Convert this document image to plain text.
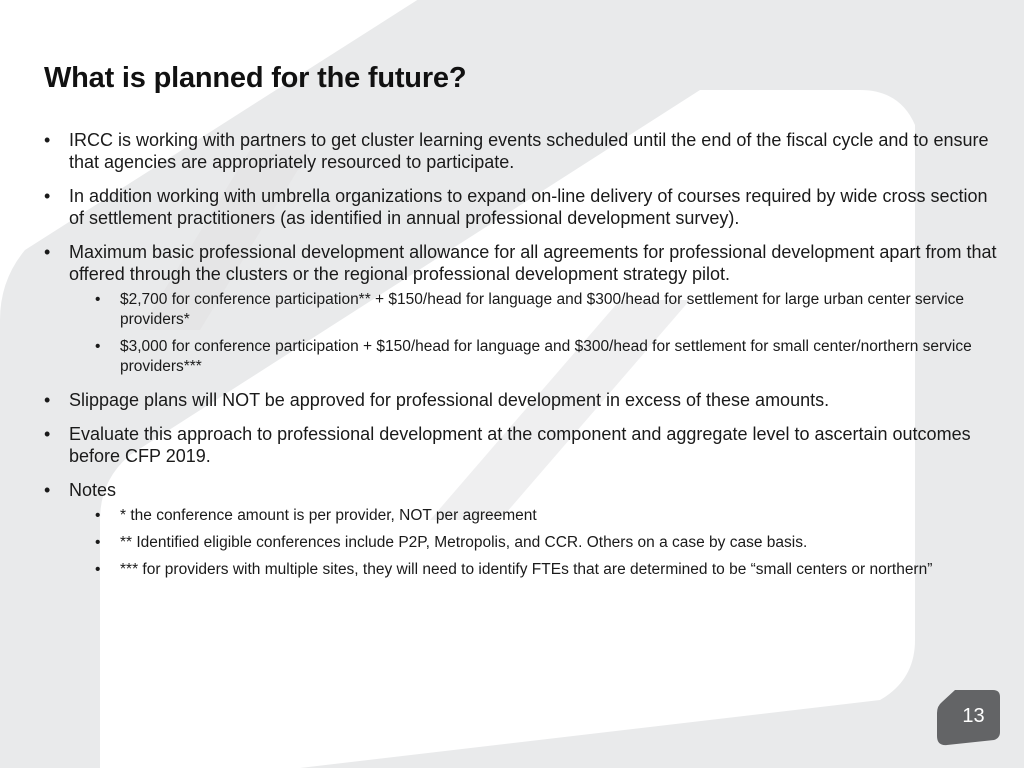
What is planned for the future?
• IRCC is working with partners to get cluster learning events scheduled until the end of the fiscal cycle and to ensure that agencies are appropriately resourced to participate.
• In addition working with umbrella organizations to expand on-line delivery of courses required by wide cross section of settlement practitioners (as identified in annual professional development survey).
• Maximum basic professional development allowance for all agreements for professional development apart from that offered through the clusters or the regional professional development strategy pilot.
• $2,700 for conference participation** + $150/head for language and $300/head for settlement for large urban center service providers*
• $3,000 for conference participation + $150/head for language and $300/head for settlement for small center/northern service providers***
• Slippage plans will NOT be approved for professional development in excess of these amounts.
• Evaluate this approach to professional development at the component and aggregate level to ascertain outcomes before CFP 2019.
• Notes
• * the conference amount is per provider, NOT per agreement
• ** Identified eligible conferences include P2P, Metropolis, and CCR. Others on a case by case basis.
• *** for providers with multiple sites, they will need to identify FTEs that are determined to be “small centers or northern”
13
